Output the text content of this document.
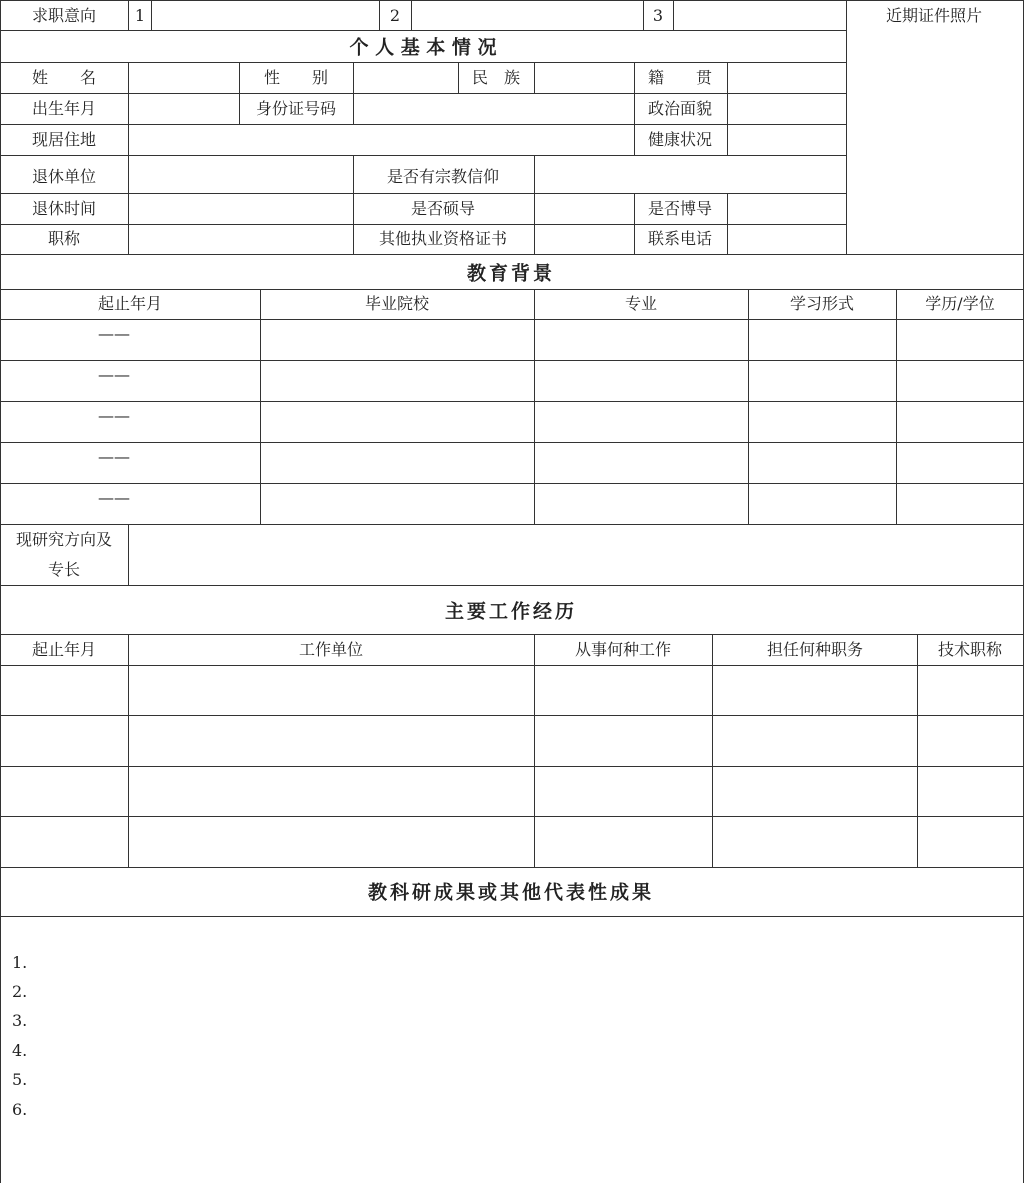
求职意向 1	2	3	近期证件照片
个 人 基 本 情 况
姓　　名	性　　别	民　族	籍　　贯
出生年月	身份证号码	政治面貌
现居住地	健康状况
退休单位	是否有宗教信仰
退休时间	是否硕导	是否博导
职称	其他执业资格证书	联系电话
教育背景
起止年月	毕业院校	专业	学习形式	学历/学位
——
——
——
——
——
现研究方向及
专长
主要工作经历
起止年月	工作单位	从事何种工作	担任何种职务	技术职称
教科研成果或其他代表性成果
1.
2.
3.
4.
5.
6.
